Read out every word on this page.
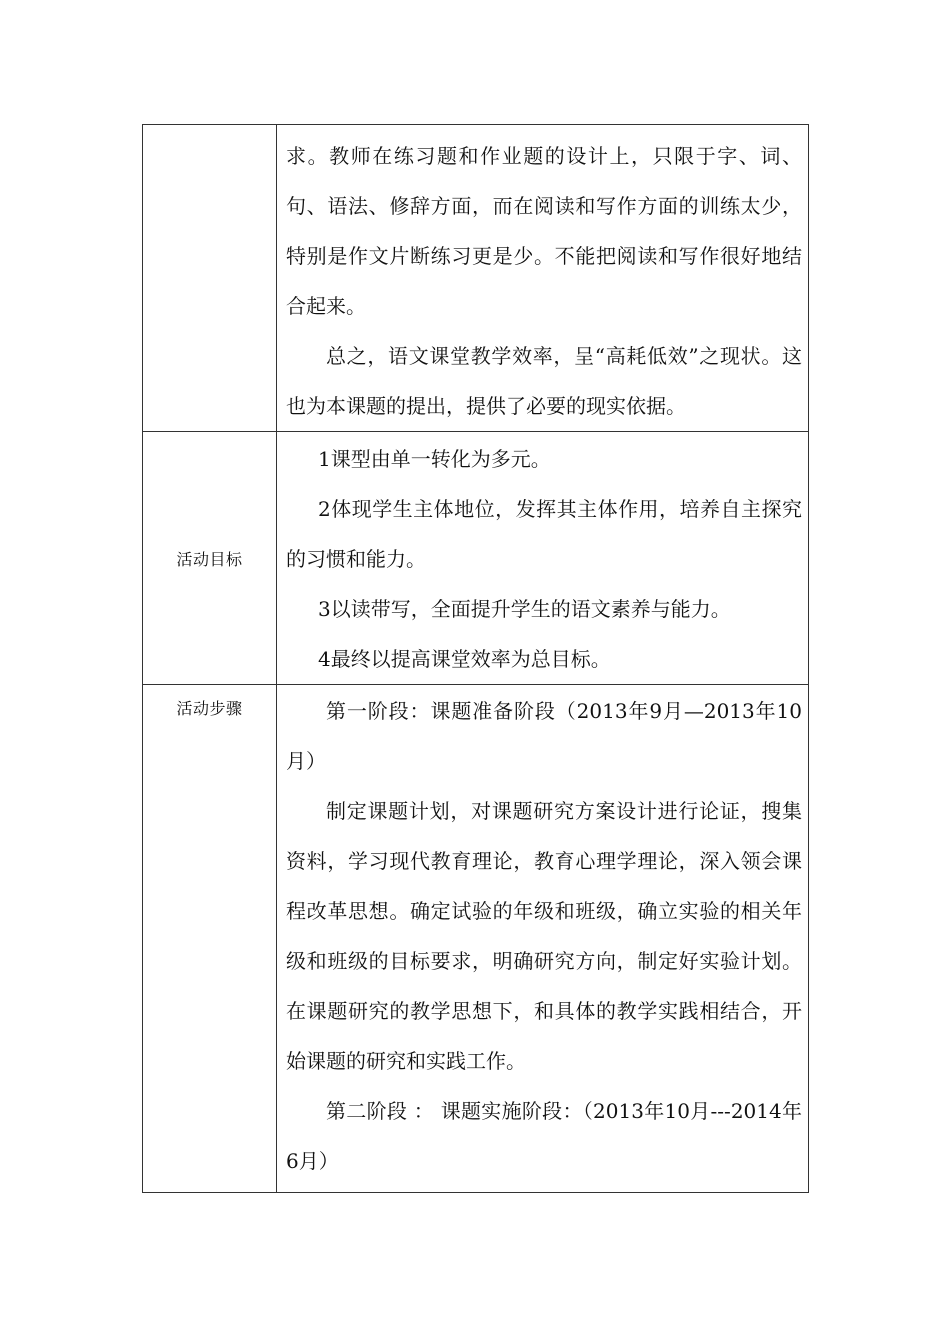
	求。教师在练习题和作业题的设计上，只限于字、词、句、语法、修辞方面，而在阅读和写作方面的训练太少，特别是作文片断练习更是少。不能把阅读和写作很好地结合起来。

总之，语文课堂教学效率，呈“高耗低效”之现状。这也为本课题的提出，提供了必要的现实依据。

活动目标	1课型由单一转化为多元。

2体现学生主体地位，发挥其主体作用，培养自主探究的习惯和能力。

3以读带写，全面提升学生的语文素养与能力。

4最终以提高课堂效率为总目标。

活动步骤	第一阶段：课题准备阶段（2013年9月—2013年10月）

制定课题计划，对课题研究方案设计进行论证，搜集资料，学习现代教育理论，教育心理学理论，深入领会课程改革思想。确定试验的年级和班级，确立实验的相关年级和班级的目标要求，明确研究方向，制定好实验计划。在课题研究的教学思想下，和具体的教学实践相结合，开始课题的研究和实践工作。

第二阶段 ： 课题实施阶段：（2013年10月---2014年6月）
